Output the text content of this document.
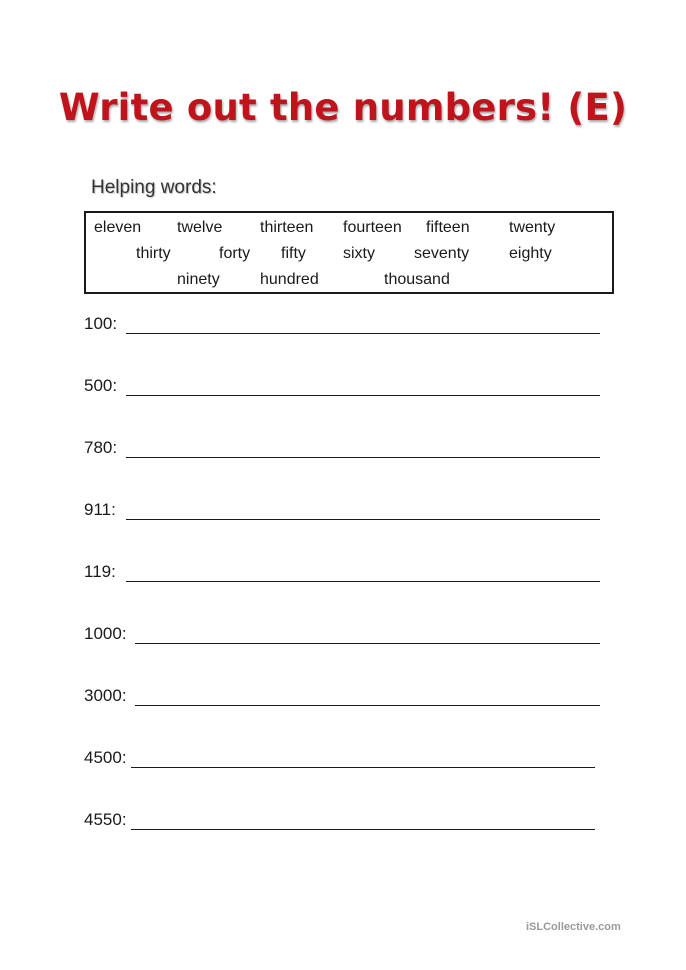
Write out the numbers! (E)
Helping words:
eleven twelve thirteen fourteen fifteen twenty
thirty	forty fifty sixty seventy eighty
ninety	hundred	thousand
100:
500:
780:
911:
119:
1000:
3000:
4500:
4550:
iSLCollective.com
